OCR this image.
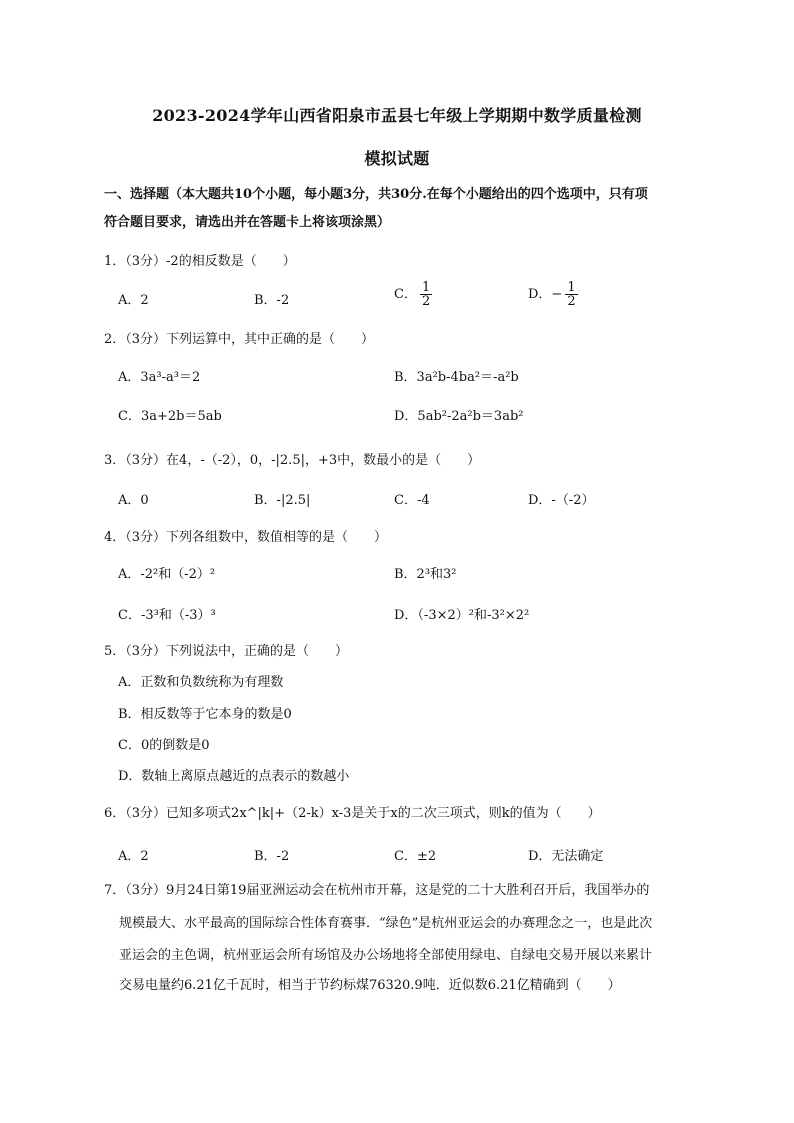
2023-2024学年山西省阳泉市盂县七年级上学期期中数学质量检测
模拟试题
一、选择题（本大题共10个小题，每小题3分，共30分.在每个小题给出的四个选项中，只有项
符合题目要求，请选出并在答题卡上将该项涂黑）
1．（3分）-2的相反数是（　　）
A．2	B．-2	C． $\frac{1}{2}$	D．− $\frac{1}{2}$
2．（3分）下列运算中，其中正确的是（　　）
A．3a³-a³＝2	B．3a²b-4ba²＝-a²b
C．3a+2b＝5ab	D．5ab²-2a²b＝3ab²
3．（3分）在4，-（-2），0，-|2.5|，+3中，数最小的是（　　）
A．0	B．-|2.5|	C．-4	D．-（-2）
4．（3分）下列各组数中，数值相等的是（　　）
A．-2²和（-2）²	B．2³和3²
C．-3³和（-3）³	D．（-3×2）²和-3²×2²
5．（3分）下列说法中，正确的是（　　）
A．正数和负数统称为有理数
B．相反数等于它本身的数是0
C．0的倒数是0
D．数轴上离原点越近的点表示的数越小
6．（3分）已知多项式2x^|k|+（2-k）x-3是关于x的二次三项式，则k的值为（　　）
A．2	B．-2	C．±2	D．无法确定
7．（3分）9月24日第19届亚洲运动会在杭州市开幕，这是党的二十大胜利召开后，我国举办的
规模最大、水平最高的国际综合性体育赛事．“绿色”是杭州亚运会的办赛理念之一，也是此次
亚运会的主色调，杭州亚运会所有场馆及办公场地将全部使用绿电、自绿电交易开展以来累计
交易电量约6.21亿千瓦时，相当于节约标煤76320.9吨．近似数6.21亿精确到（　　）
